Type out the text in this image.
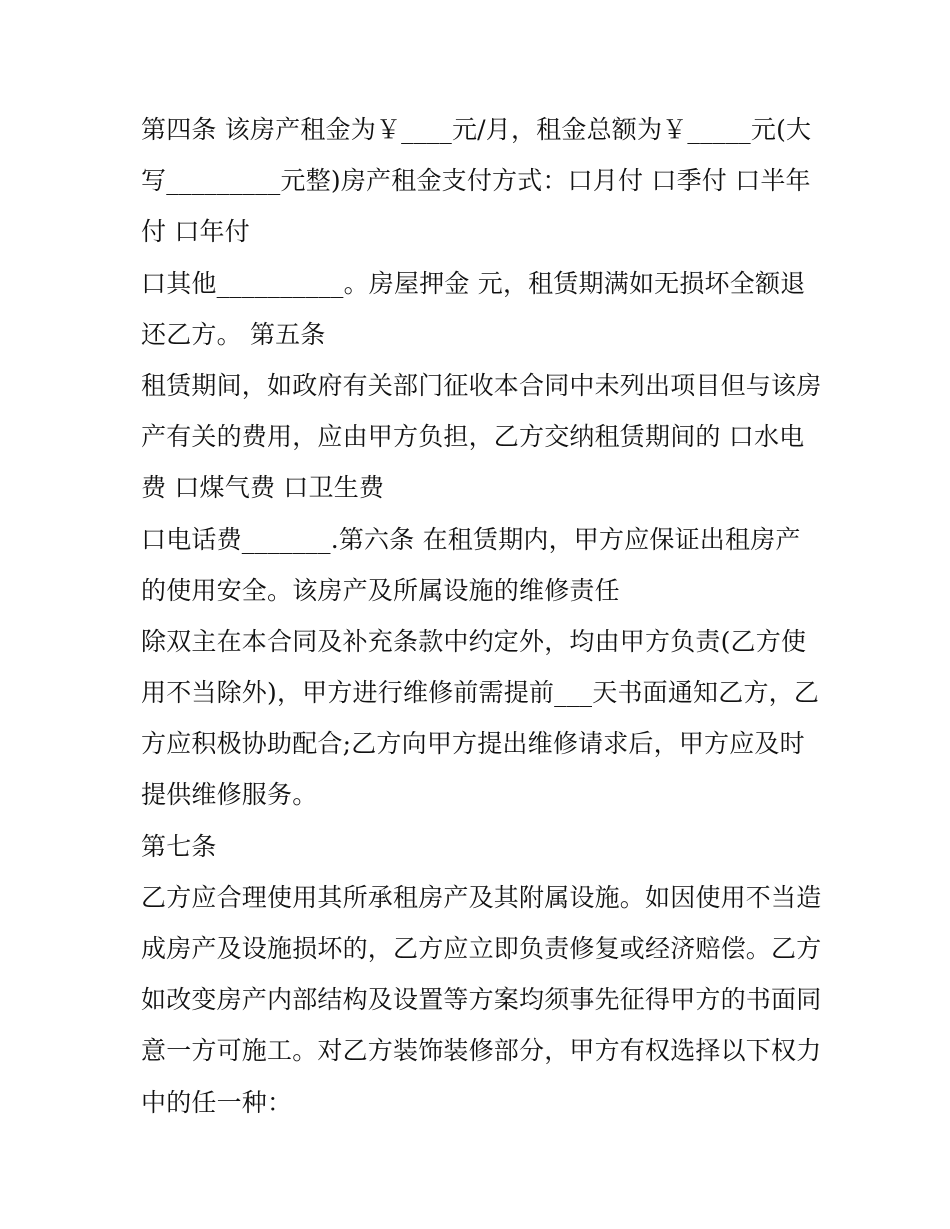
第四条 该房产租金为￥____元/月，租金总额为￥_____元(大
写_________元整)房产租金支付方式：口月付 口季付 口半年
付 口年付
口其他__________。房屋押金 元，租赁期满如无损坏全额退
还乙方。 第五条
租赁期间，如政府有关部门征收本合同中未列出项目但与该房
产有关的费用，应由甲方负担，乙方交纳租赁期间的 口水电
费 口煤气费 口卫生费
口电话费_______.第六条 在租赁期内，甲方应保证出租房产
的使用安全。该房产及所属设施的维修责任
除双主在本合同及补充条款中约定外，均由甲方负责(乙方使
用不当除外)，甲方进行维修前需提前___天书面通知乙方，乙
方应积极协助配合;乙方向甲方提出维修请求后，甲方应及时
提供维修服务。
第七条
乙方应合理使用其所承租房产及其附属设施。如因使用不当造
成房产及设施损坏的，乙方应立即负责修复或经济赔偿。乙方
如改变房产内部结构及设置等方案均须事先征得甲方的书面同
意一方可施工。对乙方装饰装修部分，甲方有权选择以下权力
中的任一种：
